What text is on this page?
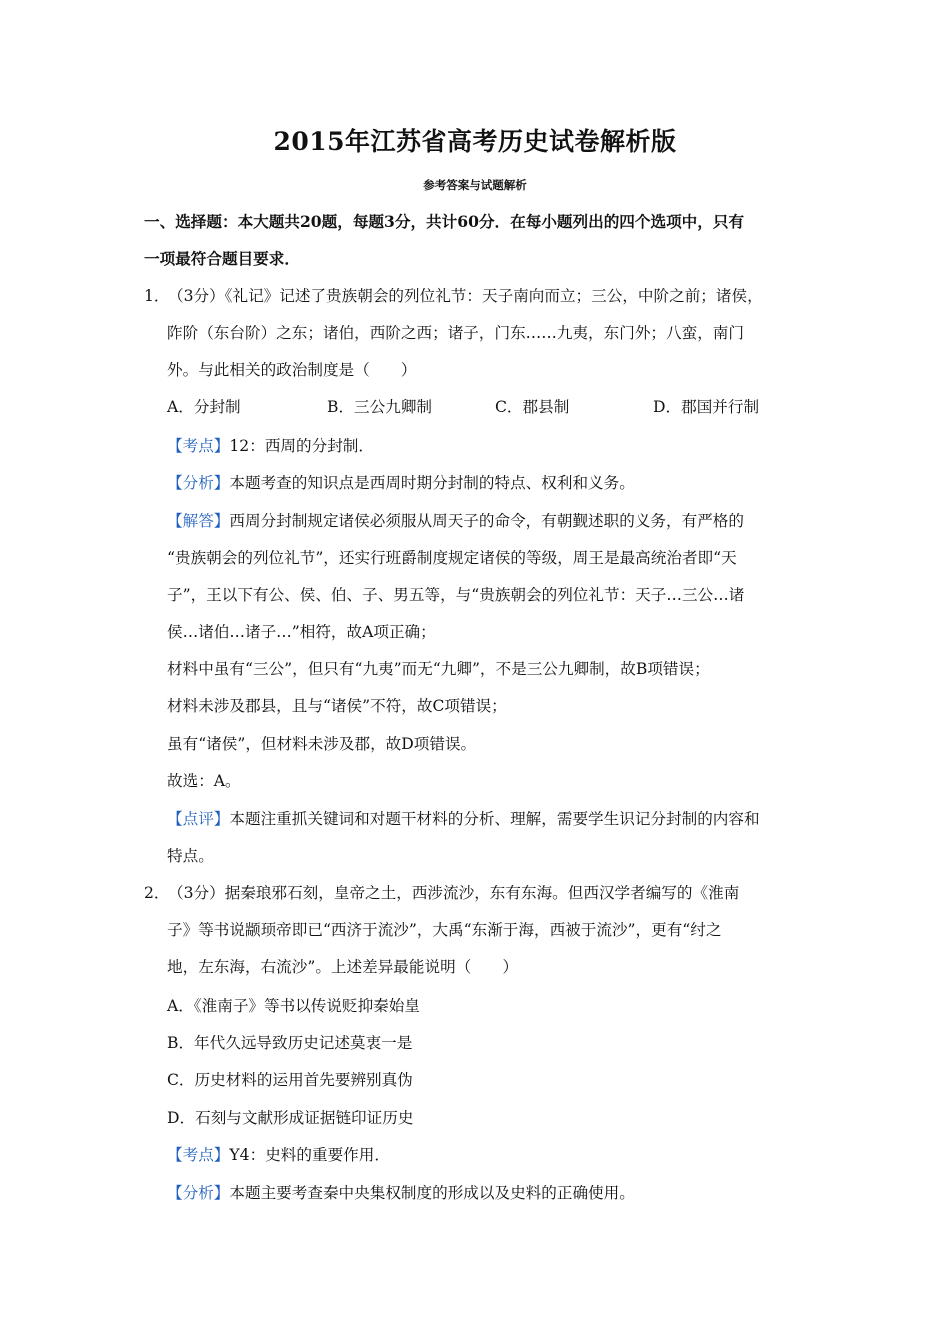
2015年江苏省高考历史试卷解析版
参考答案与试题解析
一、选择题：本大题共20题，每题3分，共计60分．在每小题列出的四个选项中，只有
一项最符合题目要求．
1．（3分）《礼记》记述了贵族朝会的列位礼节：天子南向而立；三公，中阶之前；诸侯，
阼阶（东台阶）之东；诸伯，西阶之西；诸子，门东……九夷，东门外；八蛮，南门
外。与此相关的政治制度是（　　）
A．分封制	B．三公九卿制	C．郡县制	D．郡国并行制
【考点】12：西周的分封制．
【分析】本题考查的知识点是西周时期分封制的特点、权利和义务。
【解答】西周分封制规定诸侯必须服从周天子的命令，有朝觐述职的义务，有严格的
“贵族朝会的列位礼节”，还实行班爵制度规定诸侯的等级，周王是最高统治者即“天
子”，王以下有公、侯、伯、子、男五等，与“贵族朝会的列位礼节：天子…三公…诸
侯…诸伯…诸子…”相符，故A项正确；
材料中虽有“三公”，但只有“九夷”而无“九卿”，不是三公九卿制，故B项错误；
材料未涉及郡县，且与“诸侯”不符，故C项错误；
虽有“诸侯”，但材料未涉及郡，故D项错误。
故选：A。
【点评】本题注重抓关键词和对题干材料的分析、理解，需要学生识记分封制的内容和
特点。
2．（3分）据秦琅邪石刻，皇帝之土，西涉流沙，东有东海。但西汉学者编写的《淮南
子》等书说颛顼帝即已“西济于流沙”，大禹“东渐于海，西被于流沙”，更有“纣之
地，左东海，右流沙”。上述差异最能说明（　　）
A．《淮南子》等书以传说贬抑秦始皇
B．年代久远导致历史记述莫衷一是
C．历史材料的运用首先要辨别真伪
D．石刻与文献形成证据链印证历史
【考点】Y4：史料的重要作用．
【分析】本题主要考查秦中央集权制度的形成以及史料的正确使用。
